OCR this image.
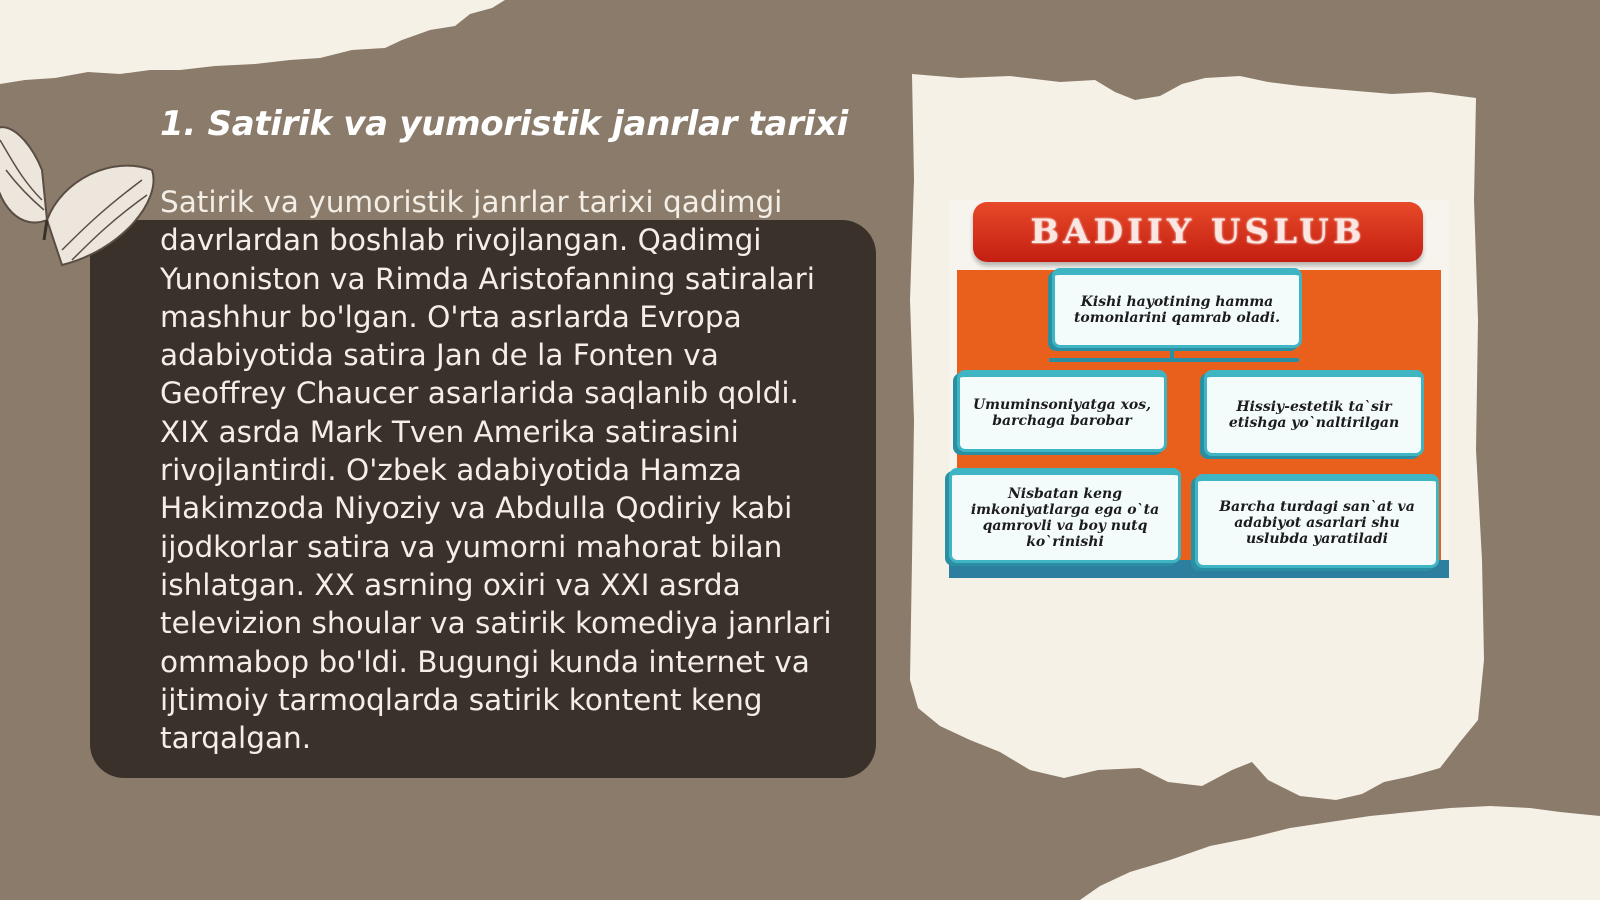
1. Satirik va yumoristik janrlar tarixi

Satirik va yumoristik janrlar tarixi qadimgi davrlardan boshlab rivojlangan. Qadimgi Yunoniston va Rimda Aristofanning satiralari mashhur bo'lgan. O'rta asrlarda Evropa adabiyotida satira Jan de la Fonten va Geoffrey Chaucer asarlarida saqlanib qoldi. XIX asrda Mark Tven Amerika satirasini rivojlantirdi. O'zbek adabiyotida Hamza Hakimzoda Niyoziy va Abdulla Qodiriy kabi ijodkorlar satira va yumorni mahorat bilan ishlatgan. XX asrning oxiri va XXI asrda televizion shoular va satirik komediya janrlari ommabop bo'ldi. Bugungi kunda internet va ijtimoiy tarmoqlarda satirik kontent keng tarqalgan.

BADIIY USLUB
Kishi hayotining hamma tomonlarini qamrab oladi.
Umuminsoniyatga xos, barchaga barobar
Hissiy-estetik ta`sir etishga yo`naltirilgan
Nisbatan keng imkoniyatlarga ega o`ta qamrovli va boy nutq ko`rinishi
Barcha turdagi san`at va adabiyot asarlari shu uslubda yaratiladi
